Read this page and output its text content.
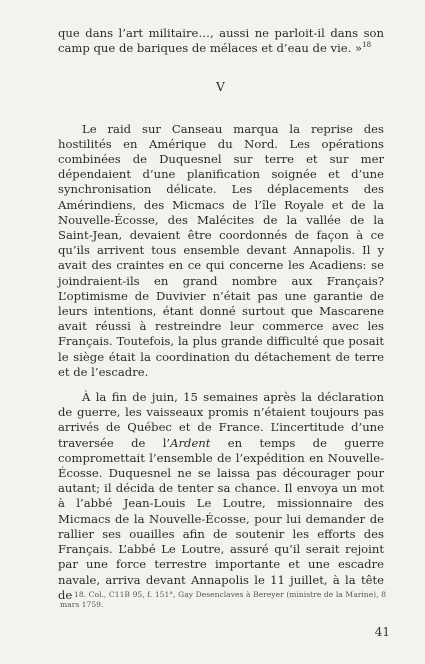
que dans l’art militaire…, aussi ne parloit-il dans son camp que de bariques de mélaces et d’eau de vie. »$^{18}$

V

Le raid sur Canseau marqua la reprise des hostilités en Amérique du Nord. Les opérations combinées de Duquesnel sur terre et sur mer dépendaient d’une planification soignée et d’une synchronisation délicate. Les déplacements des Amérindiens, des Micmacs de l’île Royale et de la Nouvelle-Écosse, des Malécites de la vallée de la Saint-Jean, devaient être coordonnés de façon à ce qu’ils arrivent tous ensemble devant Annapolis. Il y avait des craintes en ce qui concerne les Acadiens: se joindraient-ils en grand nombre aux Français? L’optimisme de Duvivier n’était pas une garantie de leurs intentions, étant donné surtout que Mascarene avait réussi à restreindre leur commerce avec les Français. Toutefois, la plus grande difficulté que posait le siège était la coordination du détachement de terre et de l’escadre.

À la fin de juin, 15 semaines après la déclaration de guerre, les vaisseaux promis n’étaient toujours pas arrivés de Québec et de France. L’incertitude d’une traversée de l’Ardent en temps de guerre compromettait l’ensemble de l’expédition en Nouvelle-Écosse. Duquesnel ne se laissa pas décourager pour autant; il décida de tenter sa chance. Il envoya un mot à l’abbé Jean-Louis Le Loutre, missionnaire des Micmacs de la Nouvelle-Écosse, pour lui demander de rallier ses ouailles afin de soutenir les efforts des Français. L’abbé Le Loutre, assuré qu’il serait rejoint par une force terrestre importante et une escadre navale, arriva devant Annapolis le 11 juillet, à la tête de 18. Col., C11B 95, f. 151°, Gay Desenclaves à Bereyer (ministre de la Marine), 8 mars 1759.
41
